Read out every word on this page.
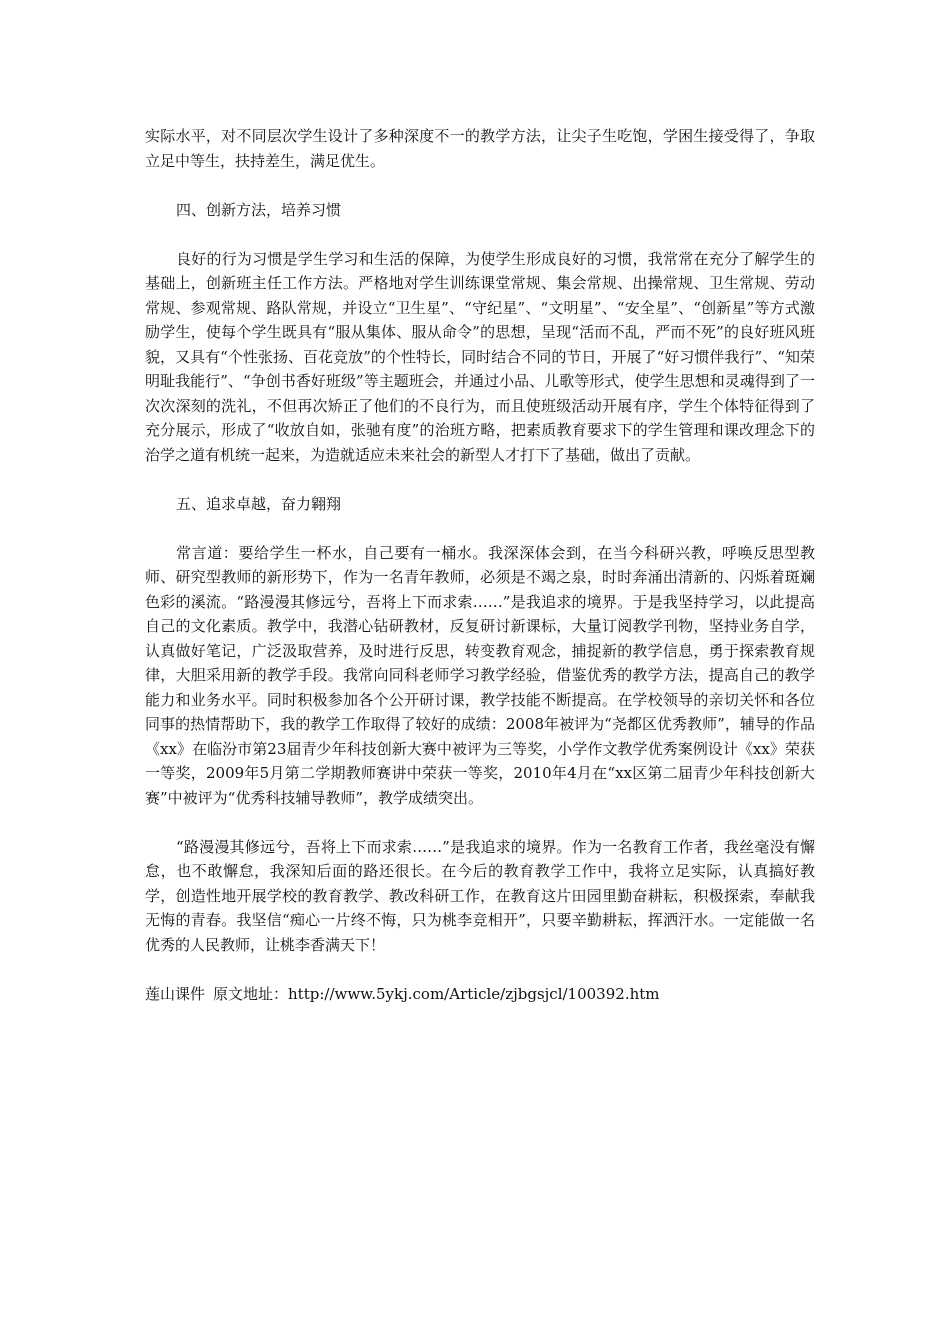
实际水平，对不同层次学生设计了多种深度不一的教学方法，让尖子生吃饱，学困生接受得了，争取立足中等生，扶持差生，满足优生。

四、创新方法，培养习惯

良好的行为习惯是学生学习和生活的保障，为使学生形成良好的习惯，我常常在充分了解学生的基础上，创新班主任工作方法。严格地对学生训练课堂常规、集会常规、出操常规、卫生常规、劳动常规、参观常规、路队常规，并设立“卫生星”、“守纪星”、“文明星”、“安全星”、“创新星”等方式激励学生，使每个学生既具有“服从集体、服从命令”的思想，呈现“活而不乱，严而不死”的良好班风班貌，又具有“个性张扬、百花竞放”的个性特长，同时结合不同的节日，开展了“好习惯伴我行”、“知荣明耻我能行”、“争创书香好班级”等主题班会，并通过小品、儿歌等形式，使学生思想和灵魂得到了一次次深刻的洗礼，不但再次矫正了他们的不良行为，而且使班级活动开展有序，学生个体特征得到了充分展示，形成了“收放自如，张驰有度”的治班方略，把素质教育要求下的学生管理和课改理念下的治学之道有机统一起来，为造就适应未来社会的新型人才打下了基础，做出了贡献。

五、追求卓越，奋力翱翔

常言道：要给学生一杯水，自己要有一桶水。我深深体会到，在当今科研兴教，呼唤反思型教师、研究型教师的新形势下，作为一名青年教师，必须是不竭之泉，时时奔涌出清新的、闪烁着斑斓色彩的溪流。“路漫漫其修远兮，吾将上下而求索……”是我追求的境界。于是我坚持学习，以此提高自己的文化素质。教学中，我潜心钻研教材，反复研讨新课标，大量订阅教学刊物，坚持业务自学，认真做好笔记，广泛汲取营养，及时进行反思，转变教育观念，捕捉新的教学信息，勇于探索教育规律，大胆采用新的教学手段。我常向同科老师学习教学经验，借鉴优秀的教学方法，提高自己的教学能力和业务水平。同时积极参加各个公开研讨课，教学技能不断提高。在学校领导的亲切关怀和各位同事的热情帮助下，我的教学工作取得了较好的成绩：2008年被评为“尧都区优秀教师”，辅导的作品《xx》在临汾市第23届青少年科技创新大赛中被评为三等奖，小学作文教学优秀案例设计《xx》荣获一等奖，2009年5月第二学期教师赛讲中荣获一等奖，2010年4月在“xx区第二届青少年科技创新大赛”中被评为“优秀科技辅导教师”，教学成绩突出。

“路漫漫其修远兮，吾将上下而求索……”是我追求的境界。作为一名教育工作者，我丝毫没有懈怠，也不敢懈怠，我深知后面的路还很长。在今后的教育教学工作中，我将立足实际，认真搞好教学，创造性地开展学校的教育教学、教改科研工作，在教育这片田园里勤奋耕耘，积极探索，奉献我无悔的青春。我坚信“痴心一片终不悔，只为桃李竞相开”，只要辛勤耕耘，挥洒汗水。一定能做一名优秀的人民教师，让桃李香满天下！

莲山课件 原文地址：http://www.5ykj.com/Article/zjbgsjcl/100392.htm
